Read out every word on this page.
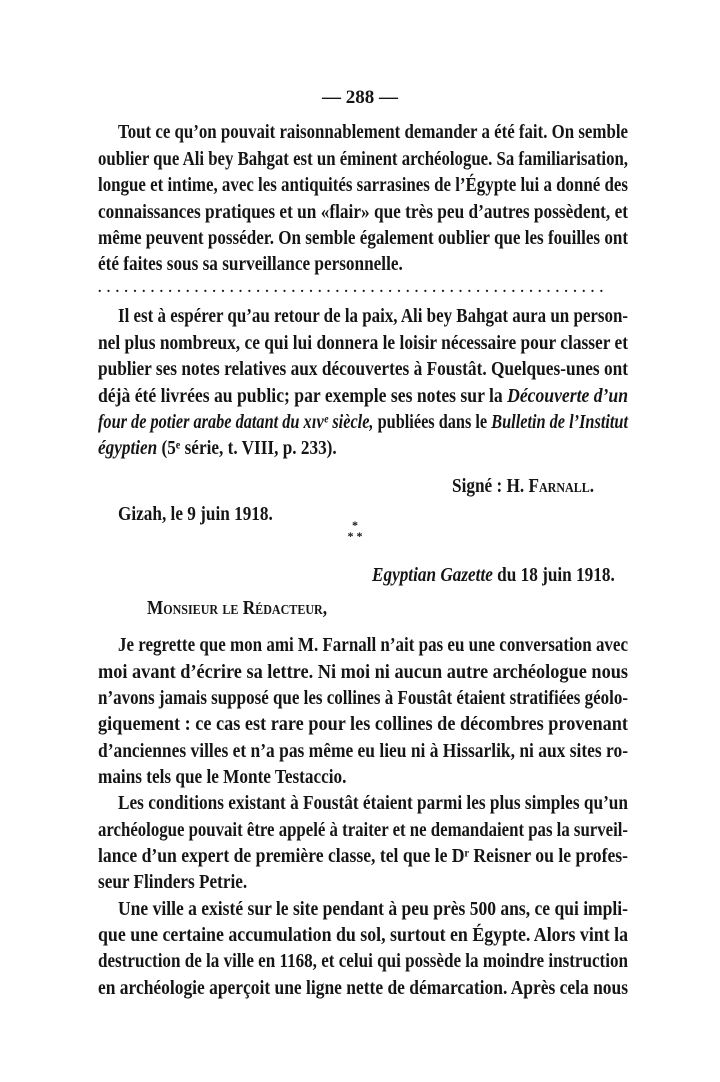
— 288 —
..........................................................
*
* *
Tout ce qu’on pouvait raisonnablement demander a été fait. On semble
oublier que Ali bey Bahgat est un éminent archéologue. Sa familiarisation,
longue et intime, avec les antiquités sarrasines de l’Égypte lui a donné des
connaissances pratiques et un «flair» que très peu d’autres possèdent, et
même peuvent posséder. On semble également oublier que les fouilles ont
été faites sous sa surveillance personnelle.
Il est à espérer qu’au retour de la paix, Ali bey Bahgat aura un person-
nel plus nombreux, ce qui lui donnera le loisir nécessaire pour classer et
publier ses notes relatives aux découvertes à Foustât. Quelques-unes ont
déjà été livrées au public; par exemple ses notes sur la Découverte d’un
four de potier arabe datant du xɪvᵉ siècle, publiées dans le Bulletin de l’Institut
égyptien (5ᵉ série, t. VIII, p. 233).
Signé : H. Farnall.
Gizah, le 9 juin 1918.
Egyptian Gazette du 18 juin 1918.
Monsieur le Rédacteur,
Je regrette que mon ami M. Farnall n’ait pas eu une conversation avec
moi avant d’écrire sa lettre. Ni moi ni aucun autre archéologue nous
n’avons jamais supposé que les collines à Foustât étaient stratifiées géolo-
giquement : ce cas est rare pour les collines de décombres provenant
d’anciennes villes et n’a pas même eu lieu ni à Hissarlik, ni aux sites ro-
mains tels que le Monte Testaccio.
Les conditions existant à Foustât étaient parmi les plus simples qu’un
archéologue pouvait être appelé à traiter et ne demandaient pas la surveil-
lance d’un expert de première classe, tel que le Dʳ Reisner ou le profes-
seur Flinders Petrie.
Une ville a existé sur le site pendant à peu près 500 ans, ce qui impli-
que une certaine accumulation du sol, surtout en Égypte. Alors vint la
destruction de la ville en 1168, et celui qui possède la moindre instruction
en archéologie aperçoit une ligne nette de démarcation. Après cela nous
